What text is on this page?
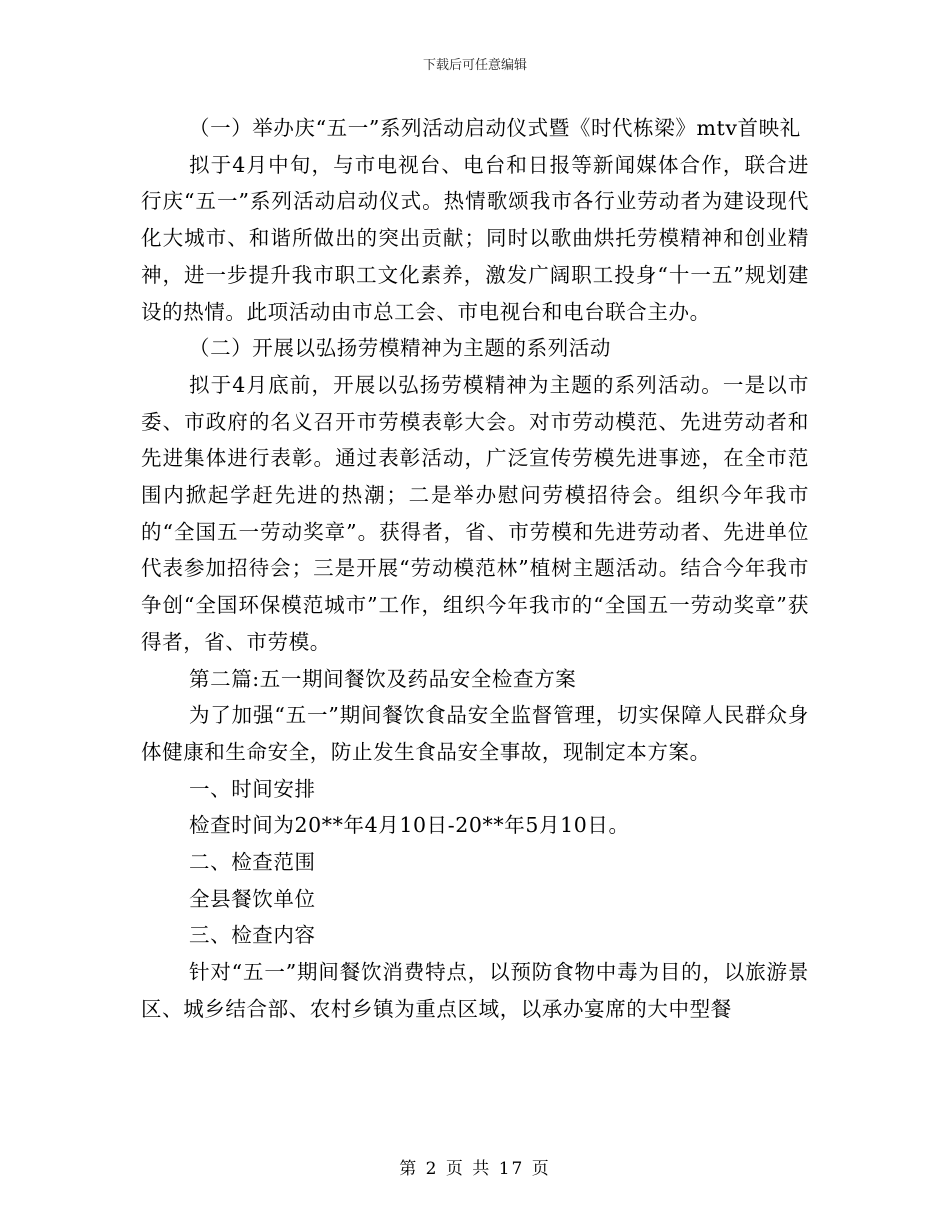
下载后可任意编辑

（一）举办庆“五一”系列活动启动仪式暨《时代栋梁》mtv首映礼

拟于4月中旬，与市电视台、电台和日报等新闻媒体合作，联合进行庆“五一”系列活动启动仪式。热情歌颂我市各行业劳动者为建设现代化大城市、和谐所做出的突出贡献；同时以歌曲烘托劳模精神和创业精神，进一步提升我市职工文化素养，激发广阔职工投身“十一五”规划建设的热情。此项活动由市总工会、市电视台和电台联合主办。

（二）开展以弘扬劳模精神为主题的系列活动

拟于4月底前，开展以弘扬劳模精神为主题的系列活动。一是以市委、市政府的名义召开市劳模表彰大会。对市劳动模范、先进劳动者和先进集体进行表彰。通过表彰活动，广泛宣传劳模先进事迹，在全市范围内掀起学赶先进的热潮；二是举办慰问劳模招待会。组织今年我市的“全国五一劳动奖章”。获得者，省、市劳模和先进劳动者、先进单位代表参加招待会；三是开展“劳动模范林”植树主题活动。结合今年我市争创“全国环保模范城市”工作，组织今年我市的“全国五一劳动奖章”获得者，省、市劳模。

第二篇:五一期间餐饮及药品安全检查方案

为了加强“五一”期间餐饮食品安全监督管理，切实保障人民群众身体健康和生命安全，防止发生食品安全事故，现制定本方案。

一、时间安排

检查时间为20**年4月10日-20**年5月10日。

二、检查范围

全县餐饮单位

三、检查内容

针对“五一”期间餐饮消费特点，以预防食物中毒为目的，以旅游景区、城乡结合部、农村乡镇为重点区域，以承办宴席的大中型餐

第 2 页 共 17 页
